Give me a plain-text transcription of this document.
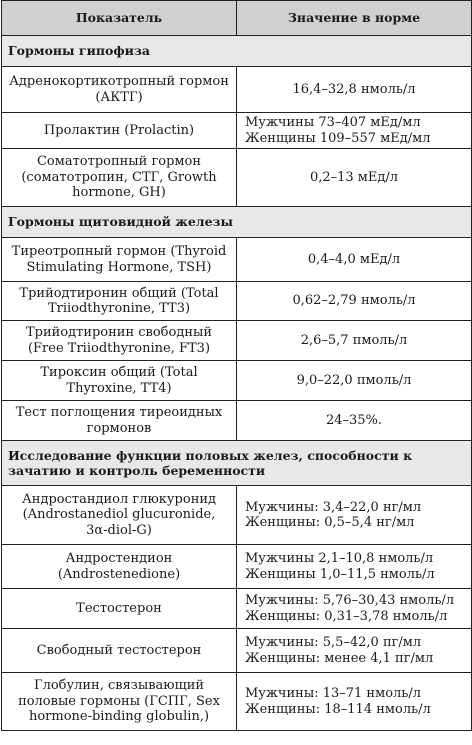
Показатель	Значение в норме
Гормоны гипофиза	

Адренокортикотропный гормон
(АКТГ)	16,4–32,8 нмоль/л

Пролактин (Prolactin)	Мужчины 73–407 мЕд/мл
Женщины 109–557 мЕд/мл

Соматотропный гормон
(соматотропин, СТГ, Growth
hormone, GH)	0,2–13 мЕд/л

Гормоны щитовидной железы	

Тиреотропный гормон (Thyroid
Stimulating Hormone, TSH)	0,4–4,0 мЕд/л

Трийодтиронин общий (Total
Triiodthyronine, TT3)	0,62–2,79 нмоль/л

Трийодтиронин свободный
(Free Triiodthyronine, FT3)	2,6–5,7 пмоль/л

Тироксин общий (Total
Thyroxine, TT4)	9,0–22,0 пмоль/л

Тест поглощения тиреоидных
гормонов	24–35%.

Исследование функции половых желез, способности к зачатию и контроль беременности	

Андростандиол глюкуронид
(Androstanediol glucuronide,
3α-diol-G)	Мужчины: 3,4–22,0 нг/мл
Женщины: 0,5–5,4 нг/мл

Андростендион
(Androstenedione)	Мужчины 2,1–10,8 нмоль/л
Женщины 1,0–11,5 нмоль/л

Тестостерон	Мужчины: 5,76–30,43 нмоль/л
Женщины: 0,31–3,78 нмоль/л

Свободный тестостерон	Мужчины: 5,5–42,0 пг/мл
Женщины: менее 4,1 пг/мл

Глобулин, связывающий
половые гормоны (ГСПГ, Sex
hormone-binding globulin,)	Мужчины: 13–71 нмоль/л
Женщины: 18–114 нмоль/л
